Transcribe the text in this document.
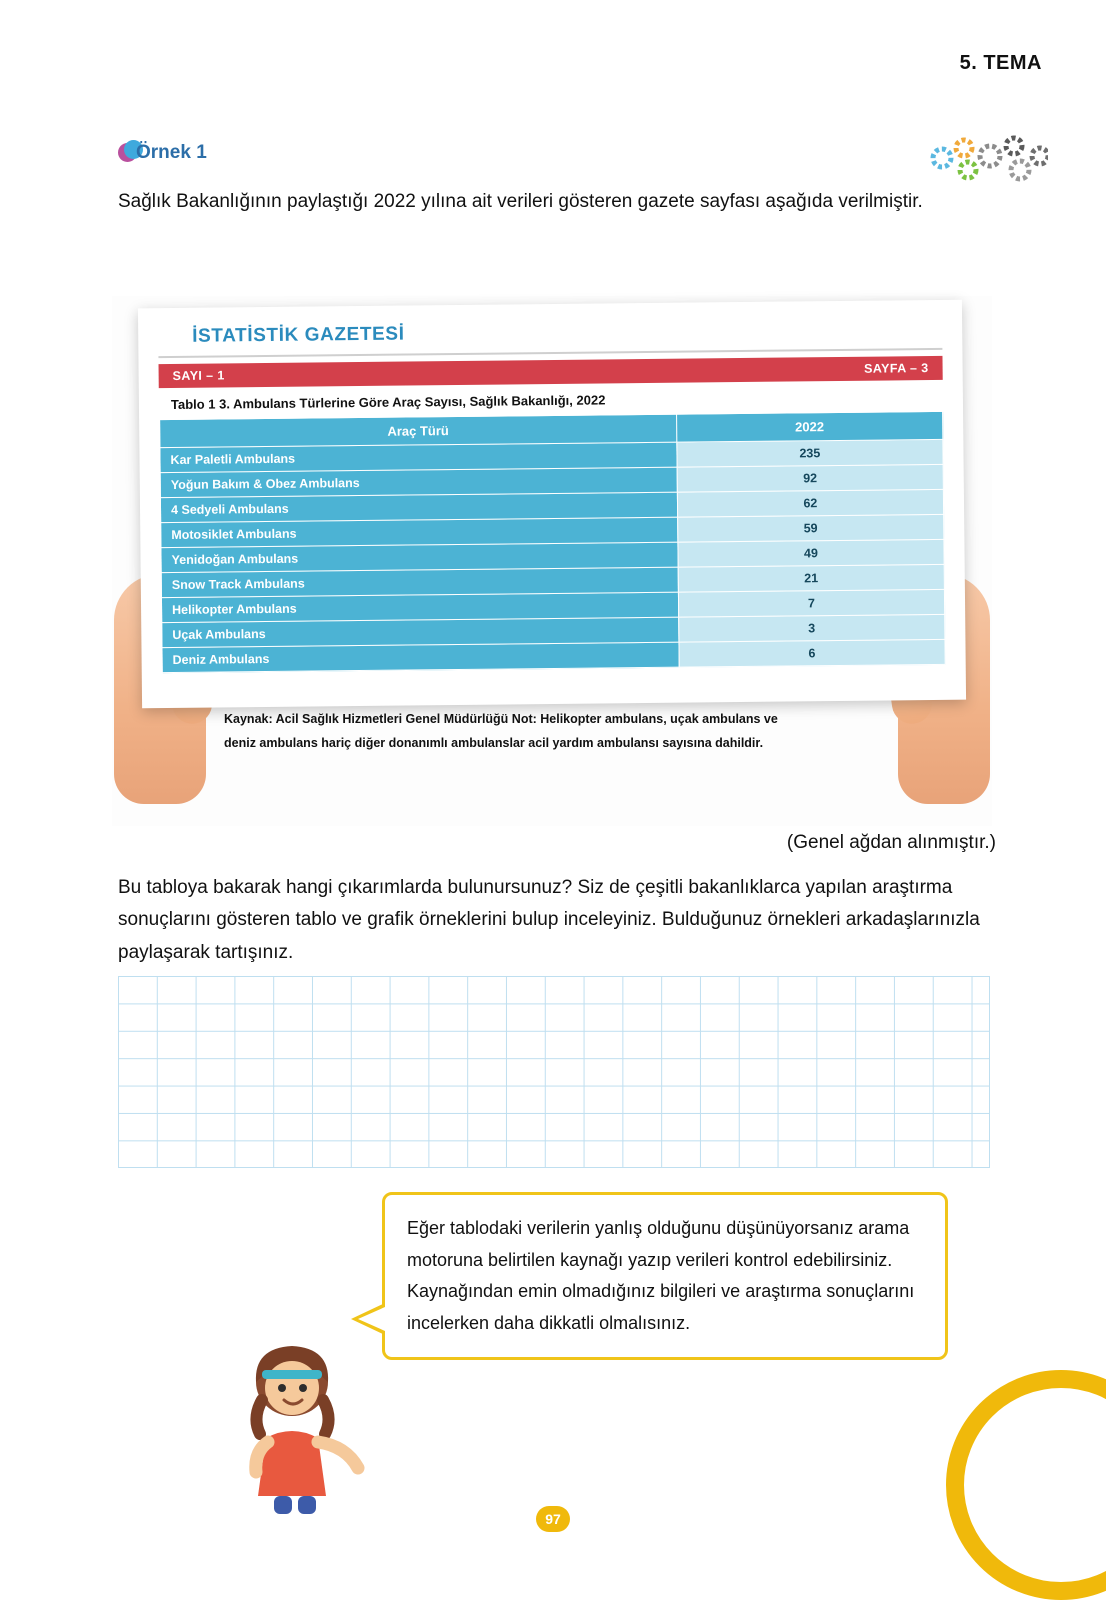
5. TEMA
Örnek 1
Sağlık Bakanlığının paylaştığı 2022 yılına ait verileri gösteren gazete sayfası aşağıda verilmiştir.
İSTATİSTİK GAZETESİ
SAYI – 1	SAYFA – 3
Tablo 1 3. Ambulans Türlerine Göre Araç Sayısı, Sağlık Bakanlığı, 2022
Araç Türü	2022
Kar Paletli Ambulans	235
Yoğun Bakım & Obez Ambulans	92
4 Sedyeli Ambulans	62
Motosiklet Ambulans	59
Yenidoğan Ambulans	49
Snow Track Ambulans	21
Helikopter Ambulans	7
Uçak Ambulans	3
Deniz Ambulans	6
Kaynak: Acil Sağlık Hizmetleri Genel Müdürlüğü Not: Helikopter ambulans, uçak ambulans ve
deniz ambulans hariç diğer donanımlı ambulanslar acil yardım ambulansı sayısına dahildir.
(Genel ağdan alınmıştır.)
Bu tabloya bakarak hangi çıkarımlarda bulunursunuz? Siz de çeşitli bakanlıklarca yapılan araştırma sonuçlarını gösteren tablo ve grafik örneklerini bulup inceleyiniz. Bulduğunuz örnekleri arkadaşlarınızla paylaşarak tartışınız.
Eğer tablodaki verilerin yanlış olduğunu düşünüyorsanız arama motoruna belirtilen kaynağı yazıp verileri kontrol edebilirsiniz.
Kaynağından emin olmadığınız bilgileri ve araştırma sonuçlarını incelerken daha dikkatli olmalısınız.
97
